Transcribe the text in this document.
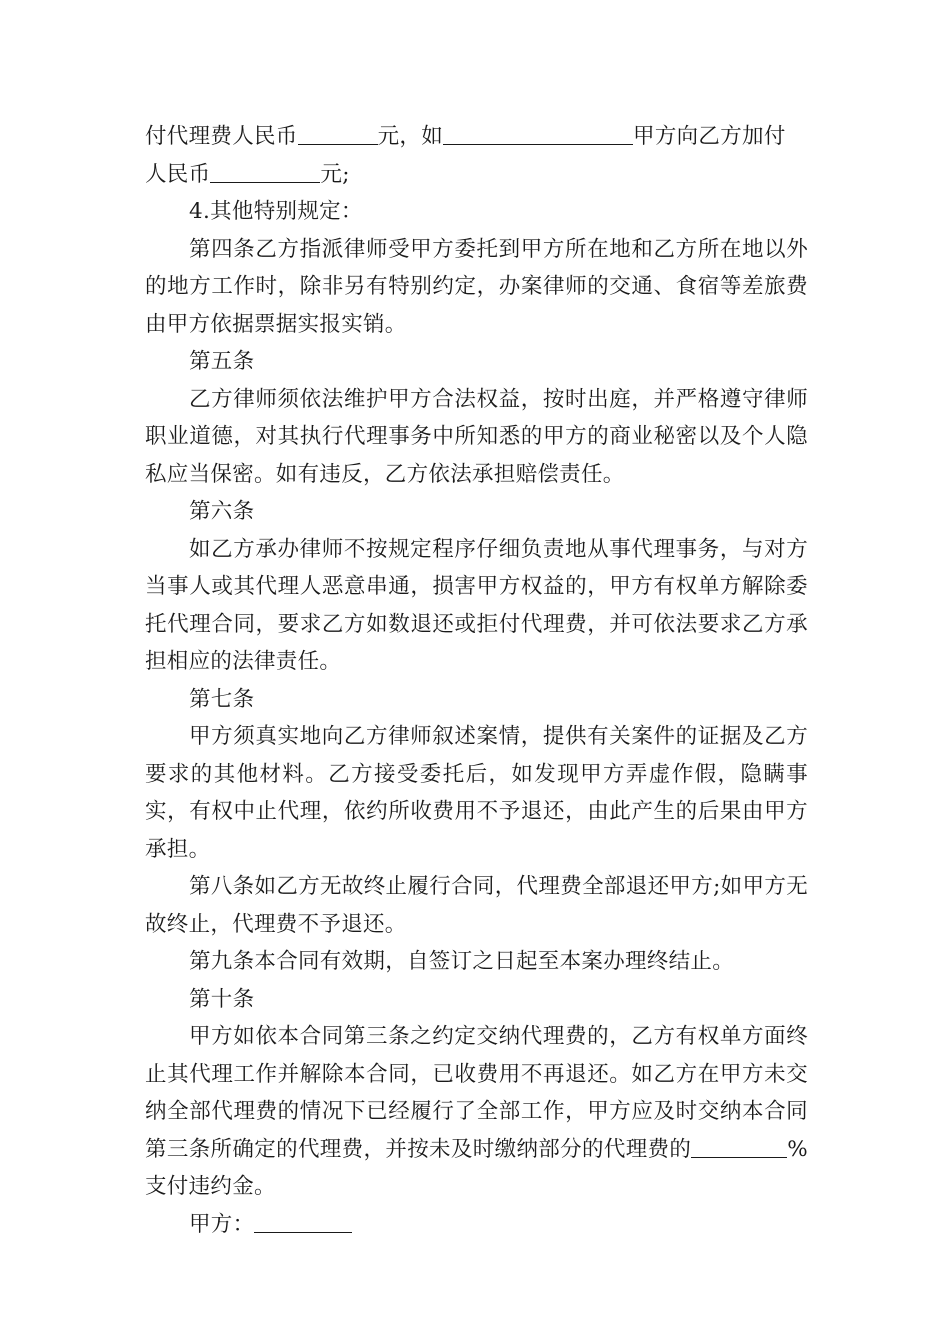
付代理费人民币	元，如	甲方向乙方加付

人民币	元;

4.其他特别规定：

第四条乙方指派律师受甲方委托到甲方所在地和乙方所在地以外的地方工作时，除非另有特别约定，办案律师的交通、食宿等差旅费由甲方依据票据实报实销。

第五条

乙方律师须依法维护甲方合法权益，按时出庭，并严格遵守律师职业道德，对其执行代理事务中所知悉的甲方的商业秘密以及个人隐私应当保密。如有违反，乙方依法承担赔偿责任。

第六条

如乙方承办律师不按规定程序仔细负责地从事代理事务，与对方当事人或其代理人恶意串通，损害甲方权益的，甲方有权单方解除委托代理合同，要求乙方如数退还或拒付代理费，并可依法要求乙方承担相应的法律责任。

第七条

甲方须真实地向乙方律师叙述案情，提供有关案件的证据及乙方要求的其他材料。乙方接受委托后，如发现甲方弄虚作假，隐瞒事实，有权中止代理，依约所收费用不予退还，由此产生的后果由甲方承担。

第八条如乙方无故终止履行合同，代理费全部退还甲方;如甲方无故终止，代理费不予退还。

第九条本合同有效期，自签订之日起至本案办理终结止。

第十条

甲方如依本合同第三条之约定交纳代理费的，乙方有权单方面终止其代理工作并解除本合同，已收费用不再退还。如乙方在甲方未交纳全部代理费的情况下已经履行了全部工作，甲方应及时交纳本合同第三条所确定的代理费，并按未及时缴纳部分的代理费的	%支付违约金。

甲方：
